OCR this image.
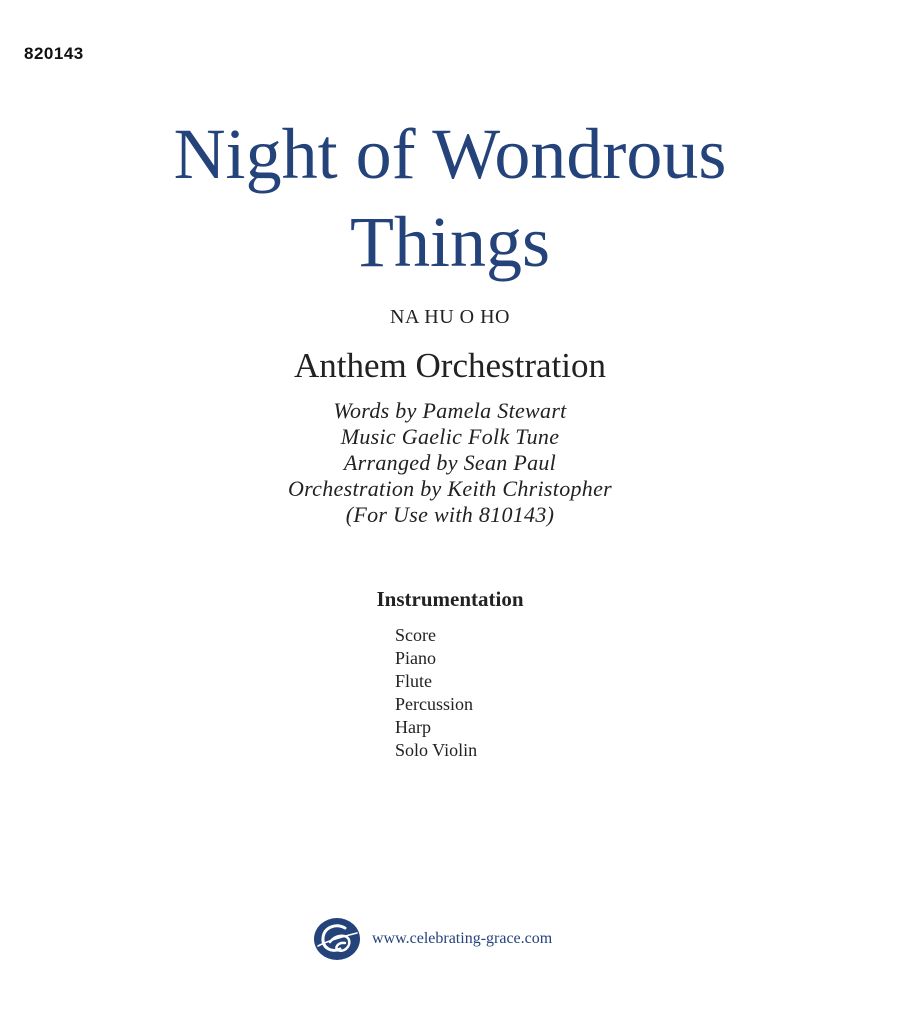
820143
Night of Wondrous
Things
NA HU O HO
Anthem Orchestration
Words by Pamela Stewart
Music Gaelic Folk Tune
Arranged by Sean Paul
Orchestration by Keith Christopher
(For Use with 810143)
Instrumentation
Score
Piano
Flute
Percussion
Harp
Solo Violin
www.celebrating-grace.com
